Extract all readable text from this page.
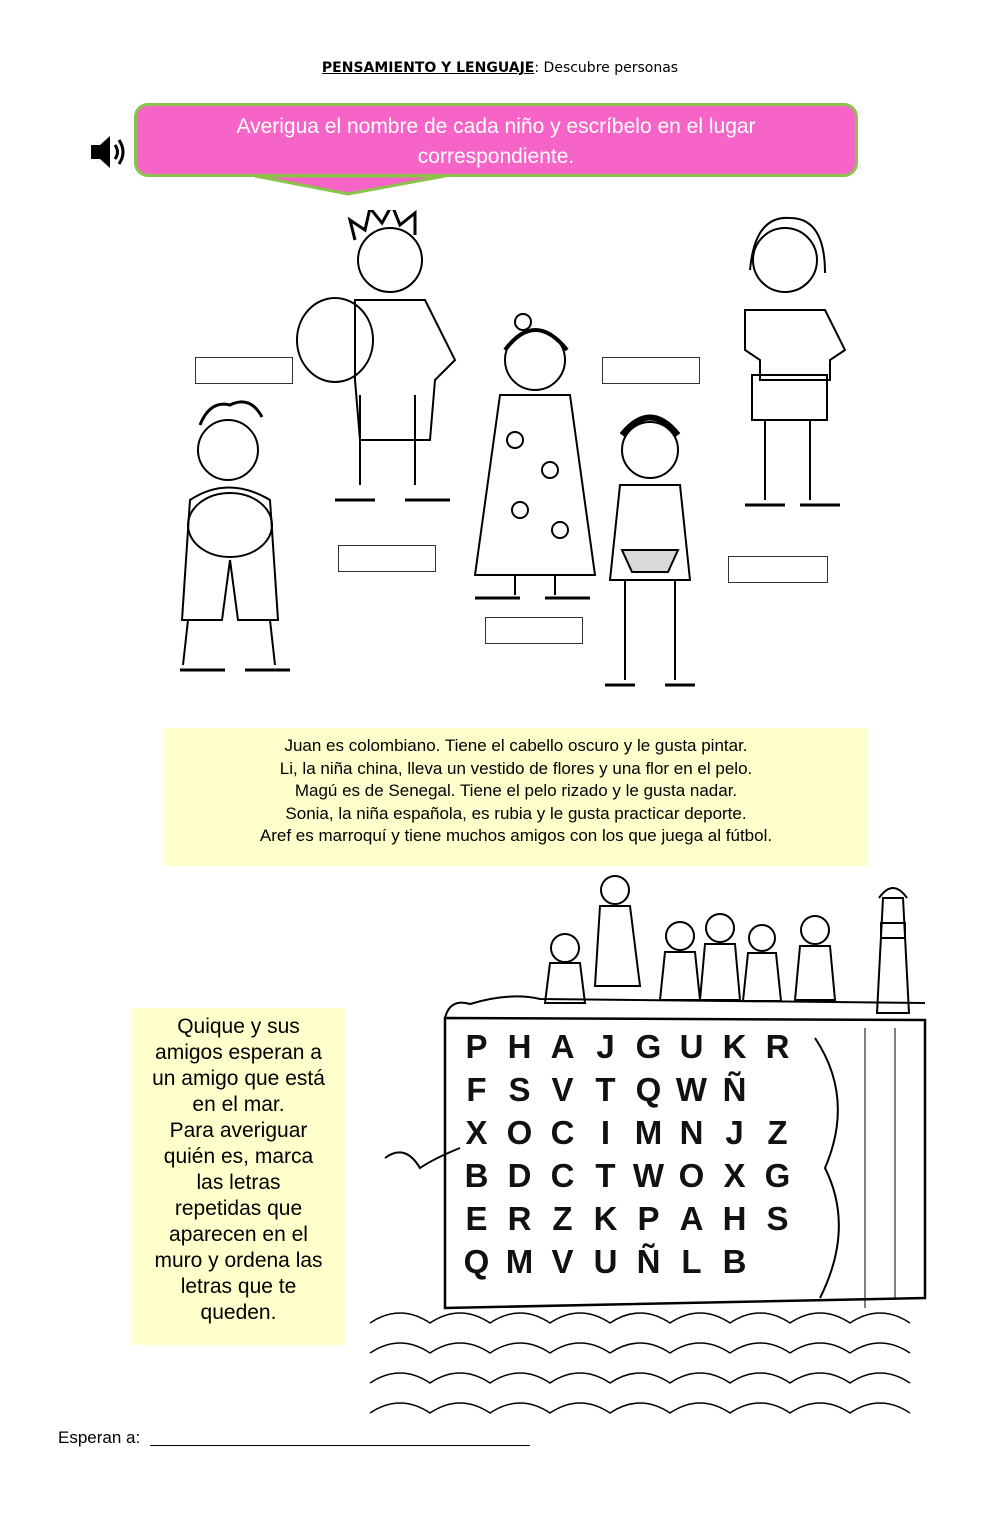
PENSAMIENTO Y LENGUAJE: Descubre personas
Averigua el nombre de cada niño y escríbelo en el lugar
correspondiente.
Juan es colombiano. Tiene el cabello oscuro y le gusta pintar.
Li, la niña china, lleva un vestido de flores y una flor en el pelo.
Magú es de Senegal. Tiene el pelo rizado y le gusta nadar.
Sonia, la niña española, es rubia y le gusta practicar deporte.
Aref es marroquí y tiene muchos amigos con los que juega al fútbol.
Quique y sus
amigos esperan a
un amigo que está
en el mar.
Para averiguar
quién es, marca
las letras
repetidas que
aparecen en el
muro y ordena las
letras que te
queden.
P H A J G U K R
F S V T Q W Ñ
X O C I M N J Z
B D C T W O X G
E R Z K P A H S
Q M V U Ñ L B
Esperan a:
